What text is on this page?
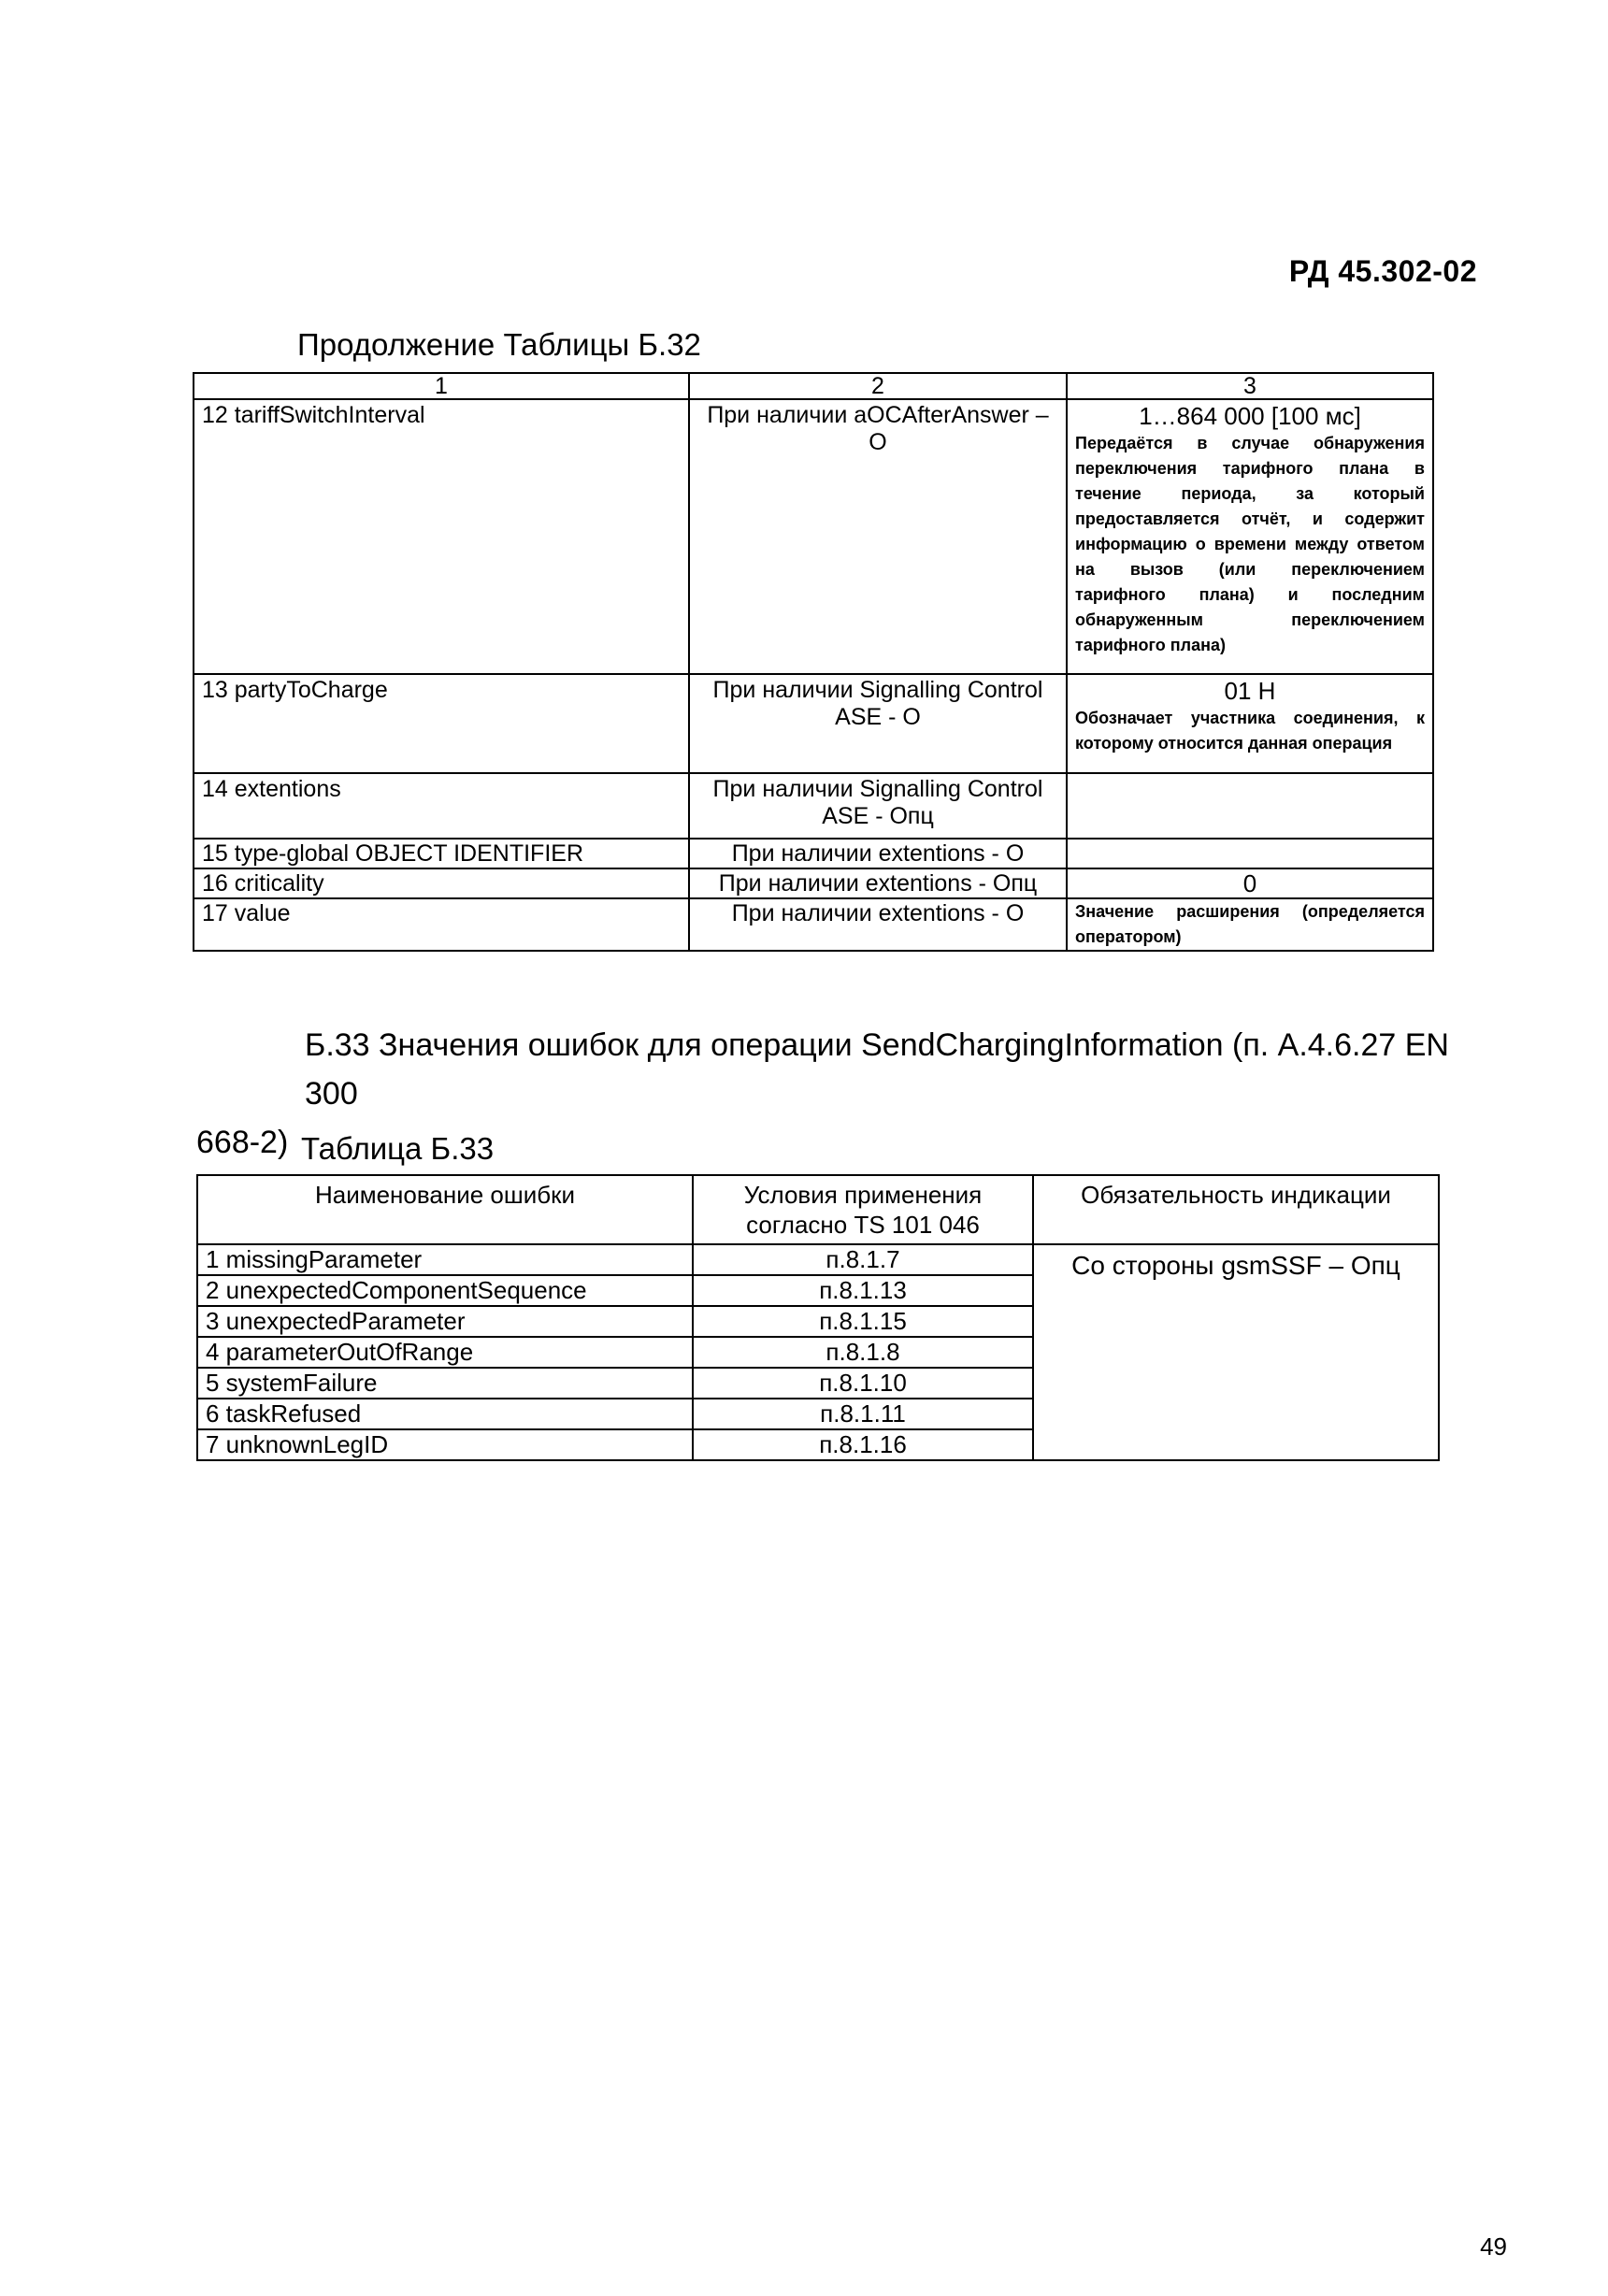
РД 45.302-02
Продолжение Таблицы Б.32
1	2	3
12 tariffSwitchInterval	При наличии aOCAfterAnswer – O	1…864 000 [100 мс]
Передаётся в случае обнаружения переключения тарифного плана в течение периода, за который предоставляется отчёт, и содержит информацию о времени между ответом на вызов (или переключением тарифного плана) и последним обнаруженным переключением тарифного плана)

13 partyToCharge	При наличии Signalling Control ASE - O	01 H
Обозначает участника соединения, к которому относится данная операция

14 extentions	При наличии Signalling Control ASE - Опц	
15 type-global OBJECT IDENTIFIER	При наличии extentions - O	
16 criticality	При наличии extentions - Опц	0

17 value	При наличии extentions - O	Значение расширения (определяется оператором)
Б.33 Значения ошибок для операции SendChargingInformation (п. А.4.6.27 EN 300
668-2) Таблица Б.33
Наименование ошибки	Условия применения согласно TS 101 046	Обязательность индикации
1 missingParameter	п.8.1.7	Со стороны gsmSSF – Опц
2 unexpectedComponentSequence	п.8.1.13	
3 unexpectedParameter	п.8.1.15	
4 parameterOutOfRange	п.8.1.8	
5 systemFailure	п.8.1.10	
6 taskRefused	п.8.1.11	
7 unknownLegID	п.8.1.16	
49
